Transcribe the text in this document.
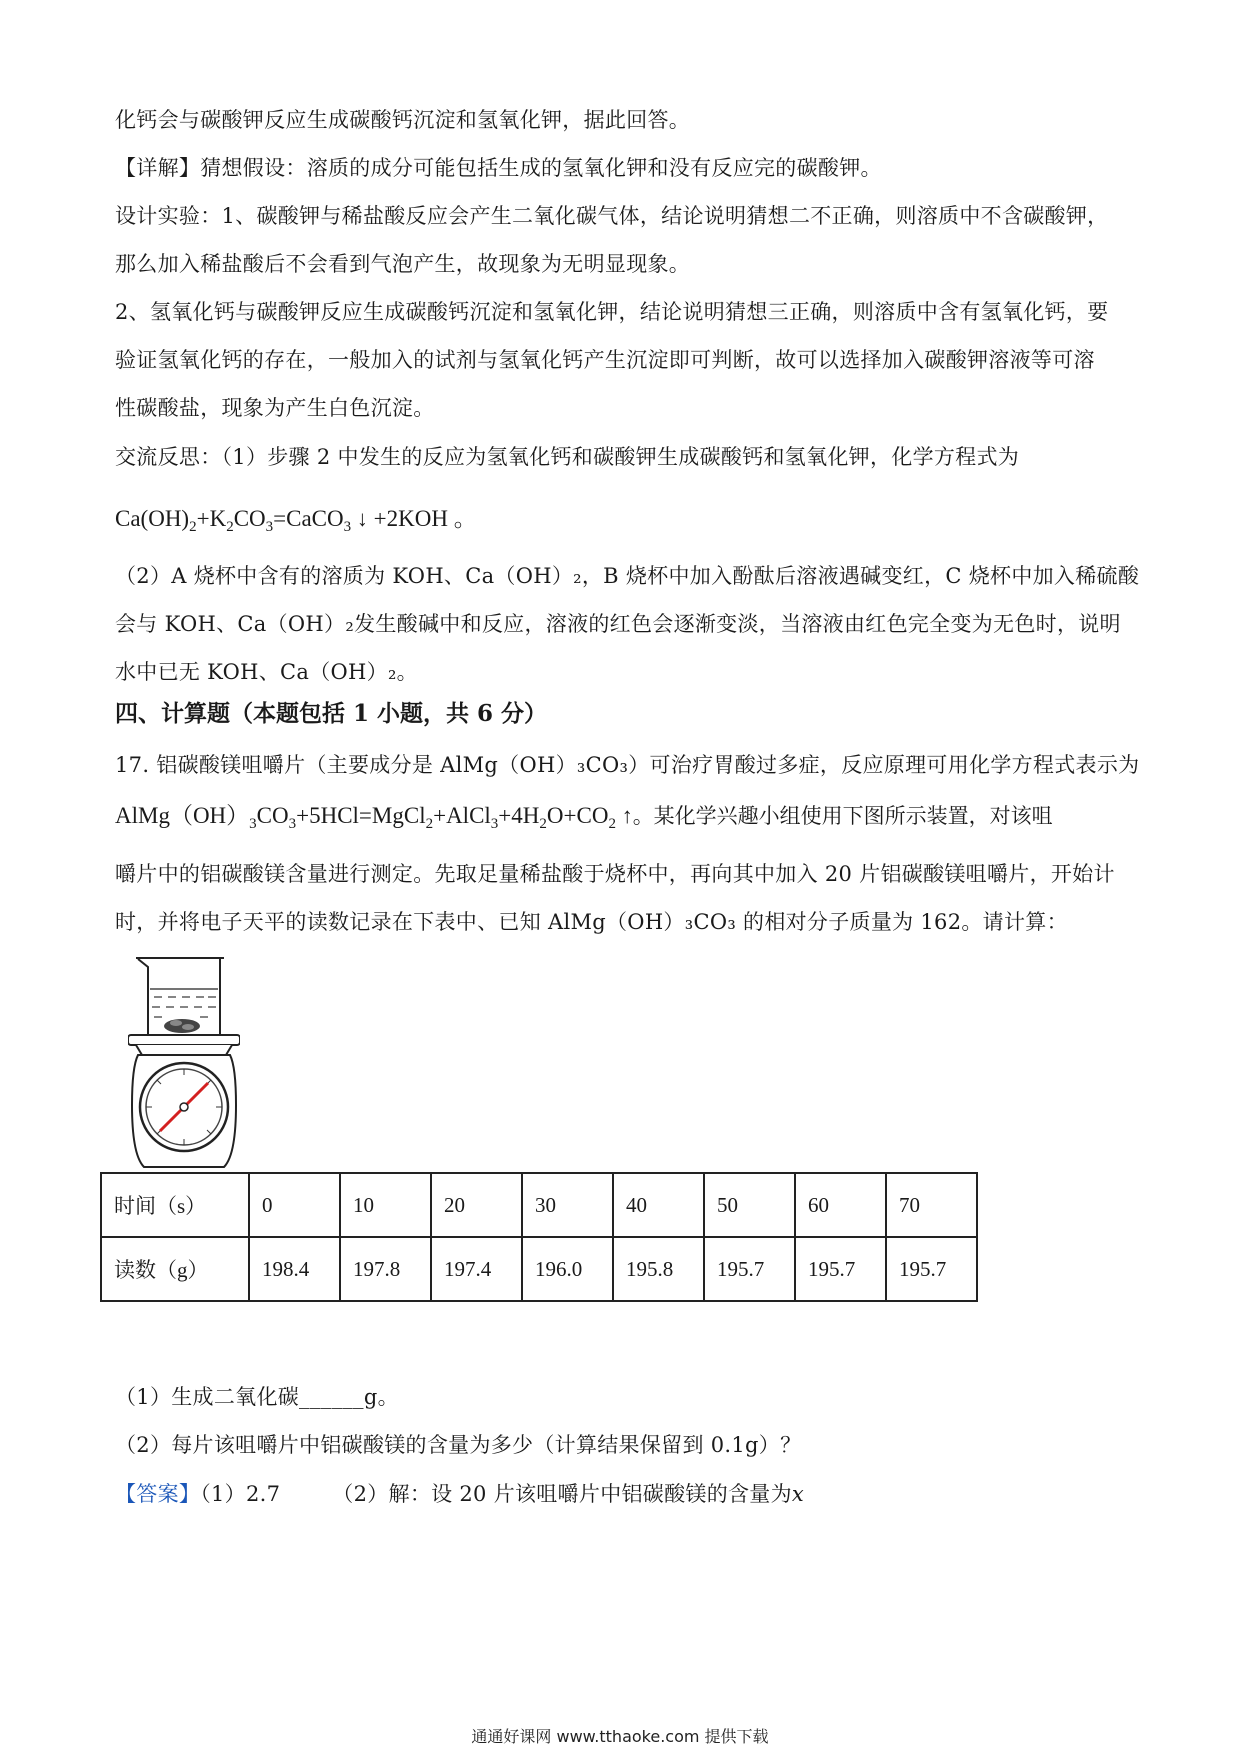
化钙会与碳酸钾反应生成碳酸钙沉淀和氢氧化钾，据此回答。

【详解】猜想假设：溶质的成分可能包括生成的氢氧化钾和没有反应完的碳酸钾。

设计实验：1、碳酸钾与稀盐酸反应会产生二氧化碳气体，结论说明猜想二不正确，则溶质中不含碳酸钾，

那么加入稀盐酸后不会看到气泡产生，故现象为无明显现象。

2、氢氧化钙与碳酸钾反应生成碳酸钙沉淀和氢氧化钾，结论说明猜想三正确，则溶质中含有氢氧化钙，要

验证氢氧化钙的存在，一般加入的试剂与氢氧化钙产生沉淀即可判断，故可以选择加入碳酸钾溶液等可溶

性碳酸盐，现象为产生白色沉淀。

交流反思：（1）步骤 2 中发生的反应为氢氧化钙和碳酸钾生成碳酸钙和氢氧化钾，化学方程式为

$Ca(OH)_2+K_2CO_3=CaCO_3$ ↓ +2KOH 。

（2）A 烧杯中含有的溶质为 KOH、Ca（OH）₂，B 烧杯中加入酚酞后溶液遇碱变红，C 烧杯中加入稀硫酸

会与 KOH、Ca（OH）₂发生酸碱中和反应，溶液的红色会逐渐变淡，当溶液由红色完全变为无色时，说明

水中已无 KOH、Ca（OH）₂。

四、计算题（本题包括 1 小题，共 6 分）

17. 铝碳酸镁咀嚼片（主要成分是 AlMg（OH）₃CO₃）可治疗胃酸过多症，反应原理可用化学方程式表示为

$AlMg(OH)_3CO_3+5HCl=MgCl_2+AlCl_3+4H_2O+CO_2$ ↑。某化学兴趣小组使用下图所示装置，对该咀

嚼片中的铝碳酸镁含量进行测定。先取足量稀盐酸于烧杯中，再向其中加入 20 片铝碳酸镁咀嚼片，开始计

时，并将电子天平的读数记录在下表中、已知 AlMg（OH）₃CO₃ 的相对分子质量为 162。请计算：

时间（s）	0	10	20	30	40	50	60	70
读数（g）	198.4	197.8	197.4	196.0	195.8	195.7	195.7	195.7

（1）生成二氧化碳______g。

（2）每片该咀嚼片中铝碳酸镁的含量为多少（计算结果保留到 0.1g）？

【答案】（1）2.7 （2）解：设 20 片该咀嚼片中铝碳酸镁的含量为x

通通好课网 www.tthaoke.com 提供下载
